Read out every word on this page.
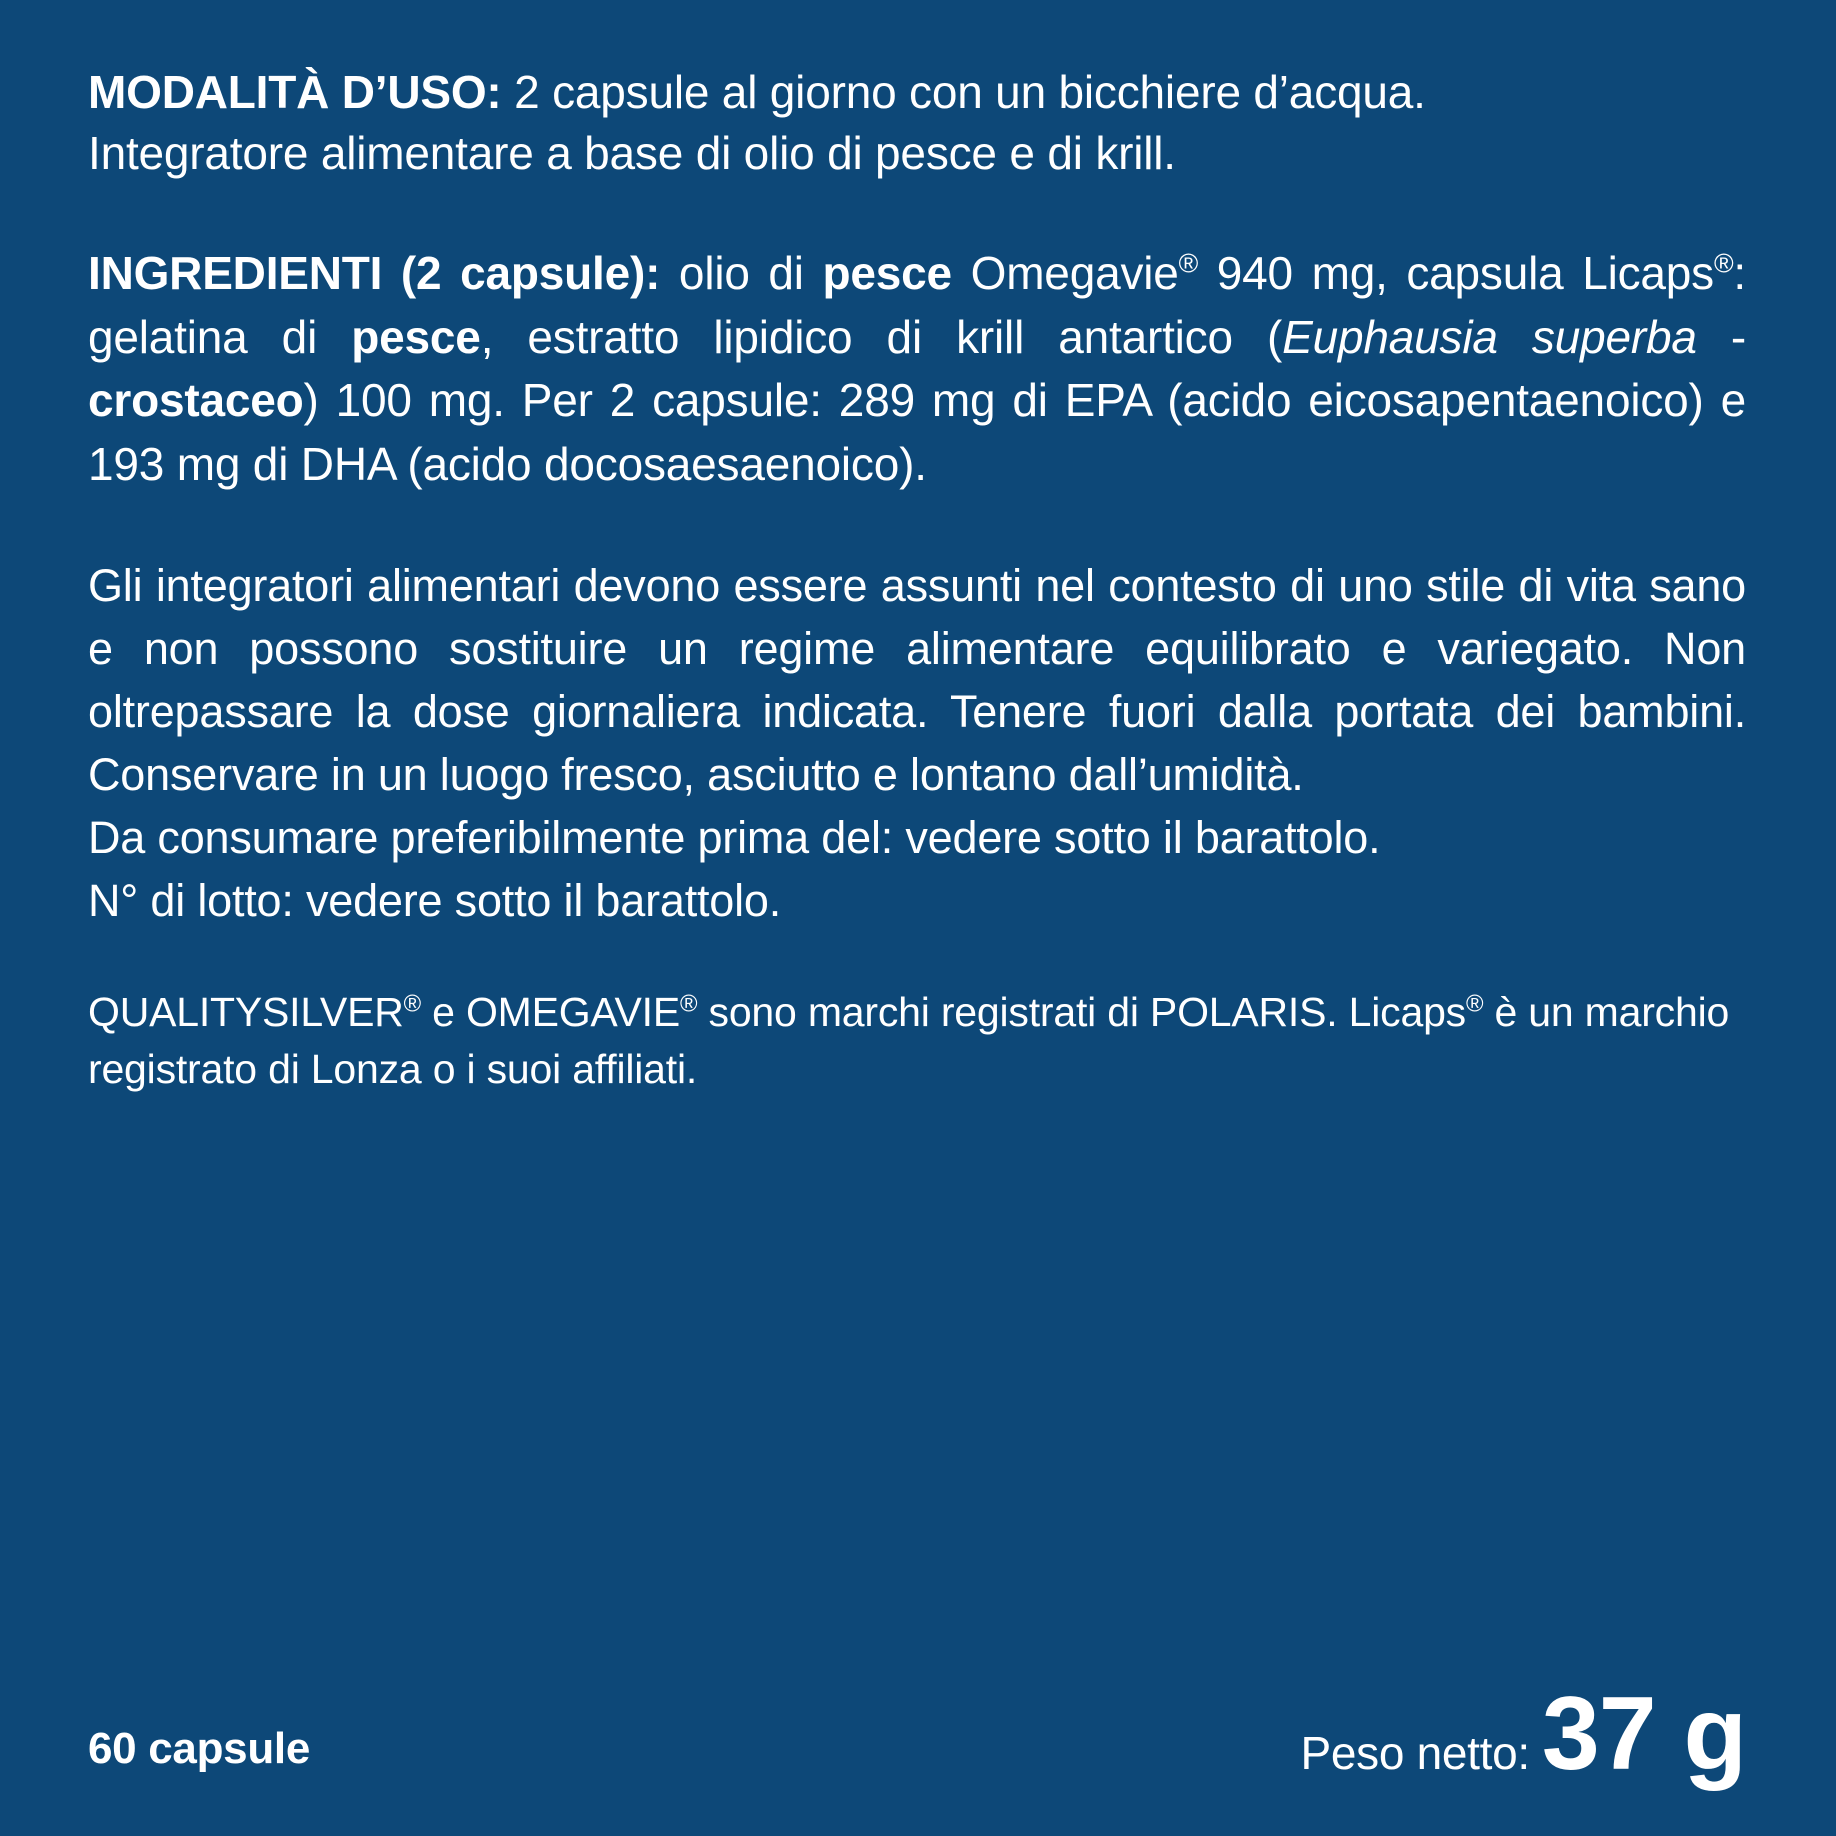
MODALITÀ D’USO: 2 capsule al giorno con un bicchiere d’acqua.

Integratore alimentare a base di olio di pesce e di krill.

INGREDIENTI (2 capsule): olio di pesce Omegavie® 940 mg, capsula Licaps®: gelatina di pesce, estratto lipidico di krill antartico (Euphausia superba - crostaceo) 100 mg. Per 2 capsule: 289 mg di EPA (acido eicosapentaenoico) e 193 mg di DHA (acido docosaesaenoico).

Gli integratori alimentari devono essere assunti nel contesto di uno stile di vita sano e non possono sostituire un regime alimentare equilibrato e variegato. Non oltrepassare la dose giornaliera indicata. Tenere fuori dalla portata dei bambini. Conservare in un luogo fresco, asciutto e lontano dall’umidità.

Da consumare preferibilmente prima del: vedere sotto il barattolo.

N° di lotto: vedere sotto il barattolo.

QUALITYSILVER® e OMEGAVIE® sono marchi registrati di POLARIS. Licaps® è un marchio registrato di Lonza o i suoi affiliati.

60 capsule	Peso netto: 37 g
